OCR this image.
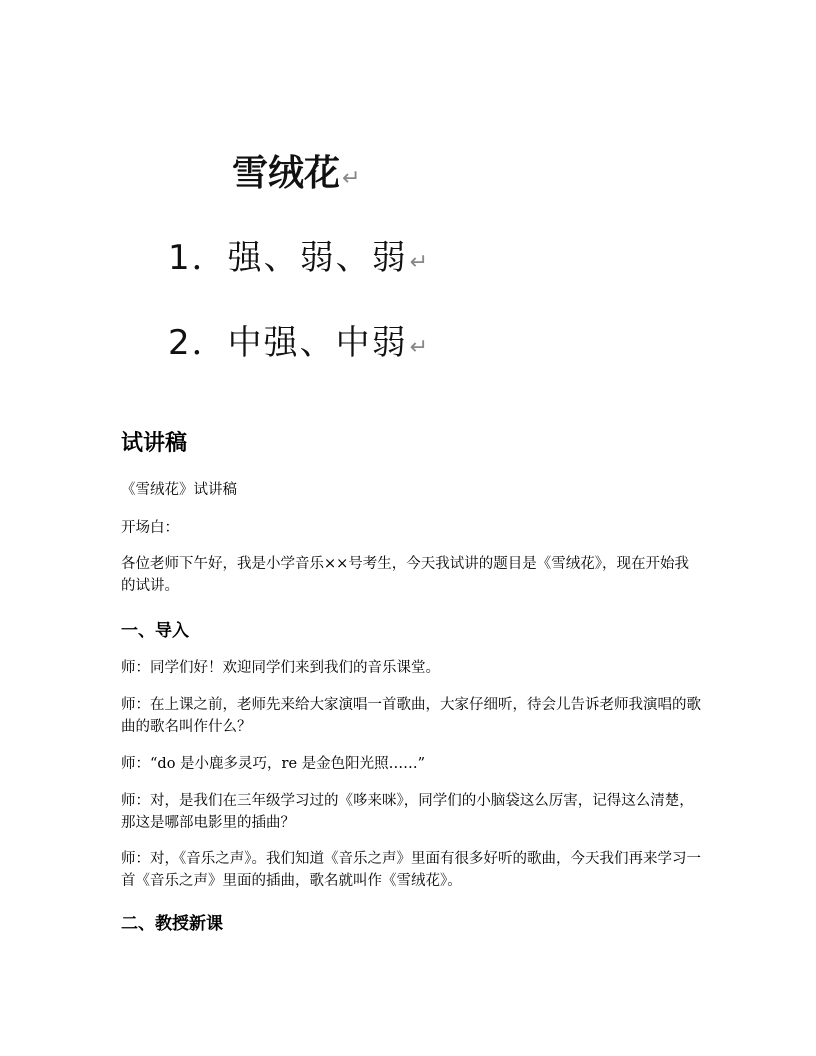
雪绒花↵
1．强、弱、弱↵
2．中强、中弱↵
试讲稿
《雪绒花》试讲稿
开场白：
各位老师下午好，我是小学音乐××号考生，今天我试讲的题目是《雪绒花》，现在开始我的试讲。
一、导入
师：同学们好！欢迎同学们来到我们的音乐课堂。
师：在上课之前，老师先来给大家演唱一首歌曲，大家仔细听，待会儿告诉老师我演唱的歌曲的歌名叫作什么？
师：“do 是小鹿多灵巧，re 是金色阳光照……”
师：对，是我们在三年级学习过的《哆来咪》，同学们的小脑袋这么厉害，记得这么清楚，那这是哪部电影里的插曲？
师：对，《音乐之声》。我们知道《音乐之声》里面有很多好听的歌曲，今天我们再来学习一首《音乐之声》里面的插曲，歌名就叫作《雪绒花》。
二、教授新课
